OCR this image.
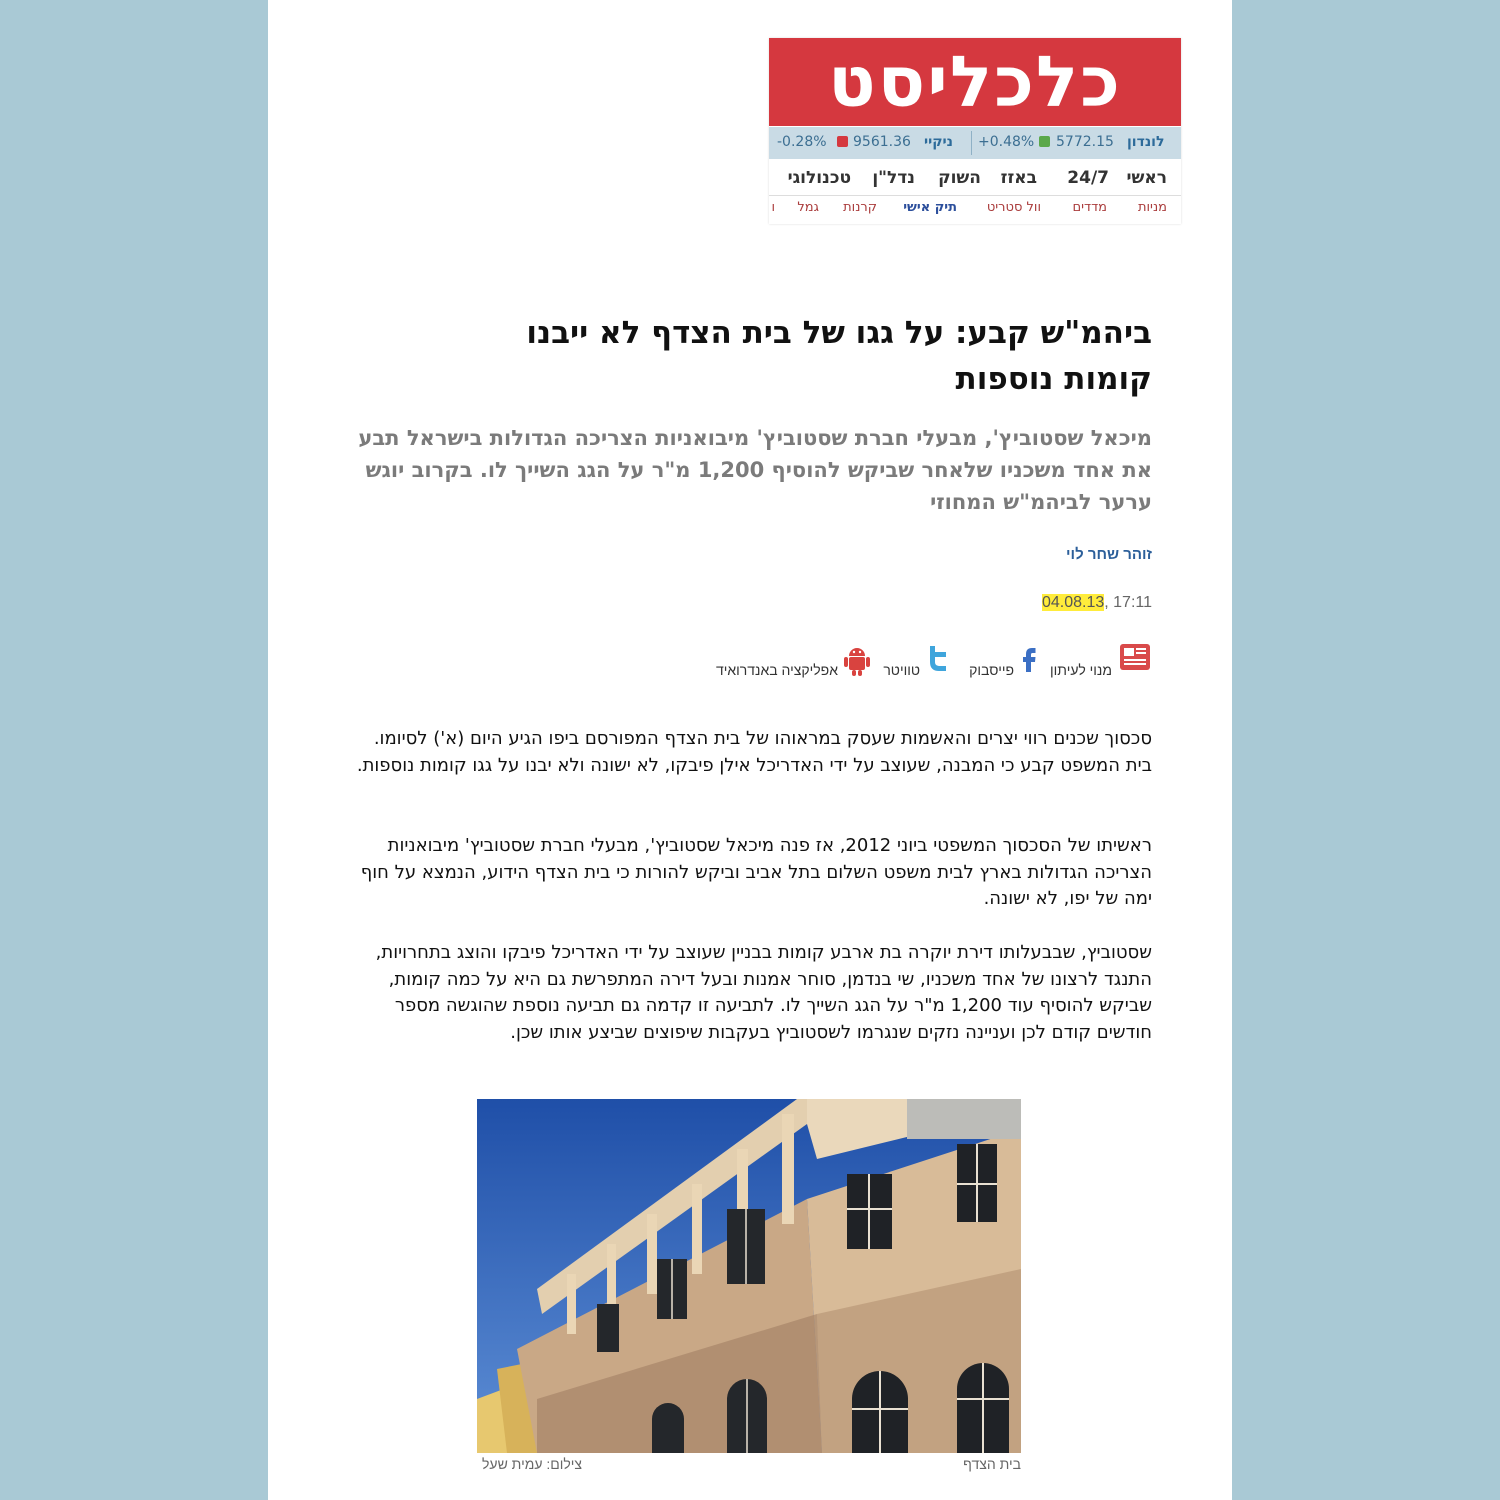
כלכליסט
-0.28% 9561.36 ניקיי +0.48% 5772.15 לונדון
ראשי
24/7
באזז
השוק
נדל"ן
טכנולוגי
מניות
מדדים
וול סטריט
תיק אישי
קרנות
גמל
ו
ביהמ"ש קבע: על גגו של בית הצדף לא ייבנו קומות נוספות

מיכאל שסטוביץ', מבעלי חברת שסטוביץ' מיבואניות הצריכה הגדולות בישראל תבע את אחד משכניו שלאחר שביקש להוסיף 1,200 מ"ר על הגג השייך לו. בקרוב יוגש ערער לביהמ"ש המחוזי

זוהר שחר לוי
04.08.13, 17:11
מנוי לעיתון
פייסבוק
טוויטר
אפליקציה באנדרואיד

סכסוך שכנים רווי יצרים והאשמות שעסק במראוהו של בית הצדף המפורסם ביפו הגיע היום (א') לסיומו. בית המשפט קבע כי המבנה, שעוצב על ידי האדריכל אילן פיבקו, לא ישונה ולא יבנו על גגו קומות נוספות.

ראשיתו של הסכסוך המשפטי ביוני 2012, אז פנה מיכאל שסטוביץ', מבעלי חברת שסטוביץ' מיבואניות הצריכה הגדולות בארץ לבית משפט השלום בתל אביב וביקש להורות כי בית הצדף הידוע, הנמצא על חוף ימה של יפו, לא ישונה.

שסטוביץ, שבבעלותו דירת יוקרה בת ארבע קומות בבניין שעוצב על ידי האדריכל פיבקו והוצג בתחרויות, התנגד לרצונו של אחד משכניו, שי בנדמן, סוחר אמנות ובעל דירה המתפרשת גם היא על כמה קומות, שביקש להוסיף עוד 1,200 מ"ר על הגג השייך לו. לתביעה זו קדמה גם תביעה נוספת שהוגשה מספר חודשים קודם לכן ועניינה נזקים שנגרמו לשסטוביץ בעקבות שיפוצים שביצע אותו שכן.

בית הצדף
צילום: עמית שעל
